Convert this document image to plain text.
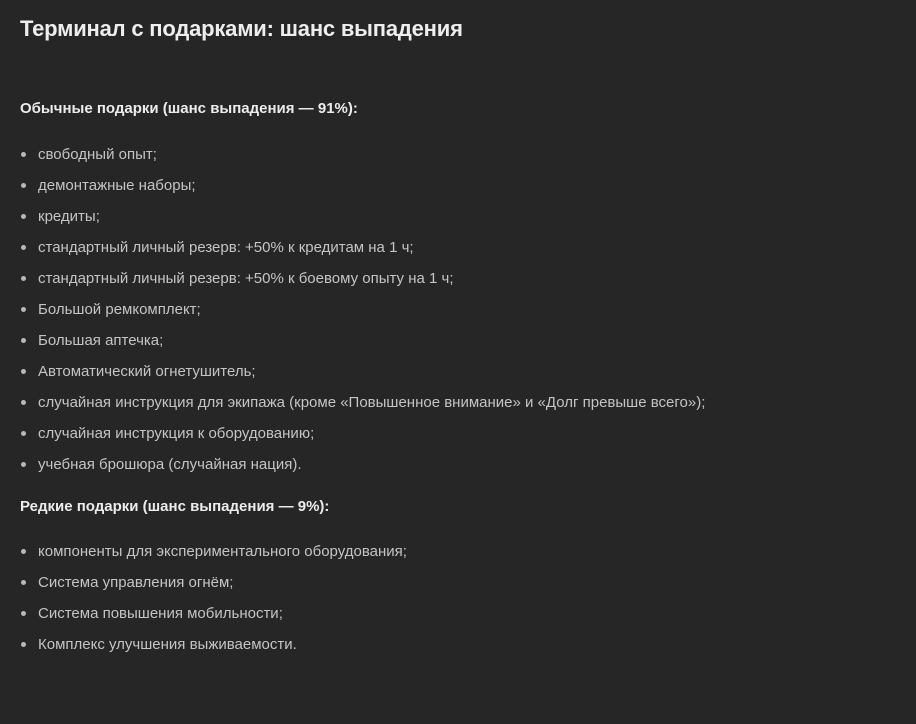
Терминал с подарками: шанс выпадения
Обычные подарки (шанс выпадения — 91%):
свободный опыт;
демонтажные наборы;
кредиты;
стандартный личный резерв: +50% к кредитам на 1 ч;
стандартный личный резерв: +50% к боевому опыту на 1 ч;
Большой ремкомплект;
Большая аптечка;
Автоматический огнетушитель;
случайная инструкция для экипажа (кроме «Повышенное внимание» и «Долг превыше всего»);
случайная инструкция к оборудованию;
учебная брошюра (случайная нация).
Редкие подарки (шанс выпадения — 9%):
компоненты для экспериментального оборудования;
Система управления огнём;
Система повышения мобильности;
Комплекс улучшения выживаемости.
